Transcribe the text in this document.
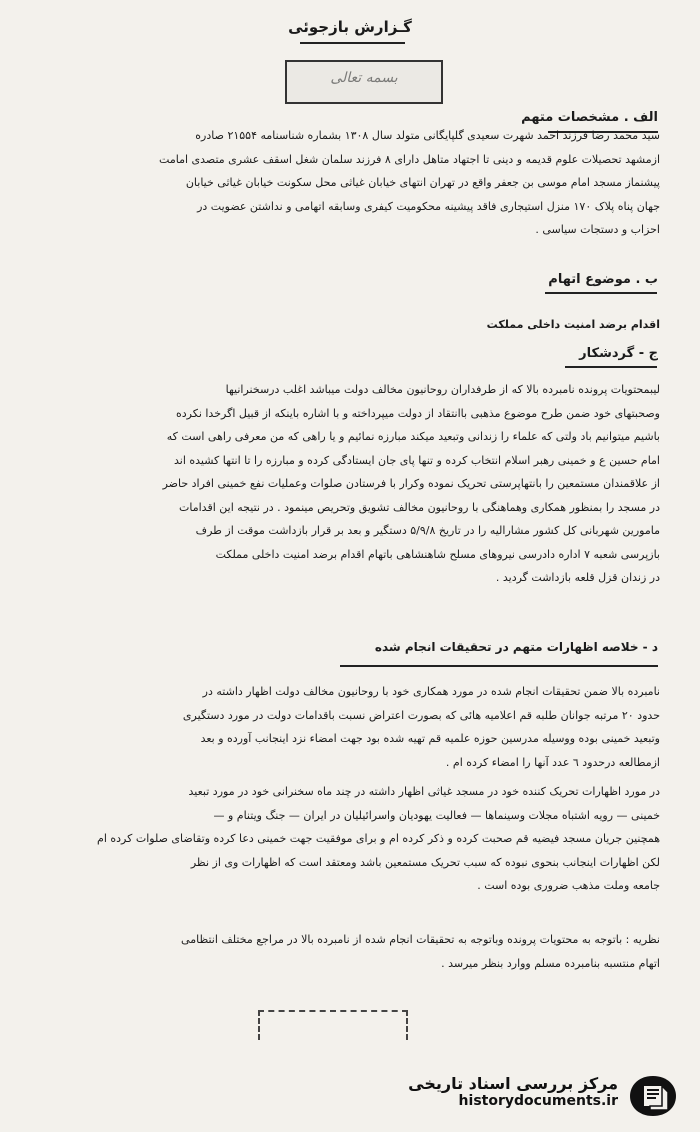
گـزارش بازجوئی
بسمه تعالی
الف . مشخصات متهم
سید محمد رضا فرزند احمد شهرت سعیدی گلپایگانی متولد سال ۱۳۰۸ بشماره شناسنامه ۲۱۵۵۴ صادره
ازمشهد تحصیلات علوم قدیمه و دینی تا اجتهاد متاهل دارای ۸ فرزند سلمان شغل اسقف عشری متصدی امامت
پیشنماز مسجد امام موسی بن جعفر واقع در تهران انتهای خیابان غیاثی محل سکونت خیابان غیاثی خیابان
جهان پناه پلاک ۱۷۰ منزل استیجاری فاقد پیشینه محکومیت کیفری وسابقه اتهامی و نداشتن عضویت در
احزاب و دستجات سیاسی .
ب . موضوع اتهام
اقدام برضد امنیت داخلی مملکت
ج - گردشکار
لیبمحتویات پرونده نامبرده بالا که از طرفداران روحانیون مخالف دولت میباشد اغلب درسخنرانیها
وصحبتهای خود ضمن طرح موضوع مذهبی باانتقاد از دولت میپرداخته و با اشاره باینکه از قبیل اگرخدا نکرده
باشیم میتوانیم باد ولتی که علماء را زندانی وتبعید میکند مبارزه نمائیم و یا راهی که من معرفی راهی است که
امام حسین ع و خمینی رهبر اسلام انتخاب کرده و تنها پای جان ایستادگی کرده و مبارزه را تا انتها کشیده اند
از علاقمندان مستمعین را بانتهاپرستی تحریک نموده وکرار با فرستادن صلوات وعملیات نفع خمینی افراد حاضر
در مسجد را بمنظور همکاری وهماهنگی با روحانیون مخالف تشویق وتحریص مینمود . در نتیجه این اقدامات
مامورین شهربانی کل کشور مشارالیه را در تاریخ ۵/۹/۸ دستگیر و بعد بر قرار بازداشت موقت از طرف
بازپرسی شعبه ۷ اداره دادرسی نیروهای مسلح شاهنشاهی باتهام اقدام برضد امنیت داخلی مملکت
در زندان قزل قلعه بازداشت گردید .
د - خلاصه اظهارات متهم در تحقیقات انجام شده
نامبرده بالا ضمن تحقیقات انجام شده در مورد همکاری خود با روحانیون مخالف دولت اظهار داشته در
حدود ۲۰ مرتبه جوانان طلبه قم اعلامیه هائی که بصورت اعتراض نسبت باقدامات دولت در مورد دستگیری
وتبعید خمینی بوده ووسیله مدرسین حوزه علمیه قم تهیه شده بود جهت امضاء نزد اینجانب آورده و بعد
ازمطالعه درحدود ٦ عدد آنها را امضاء کرده ام .
در مورد اظهارات تحریک کننده خود در مسجد غیاثی اظهار داشته در چند ماه سخنرانی خود در مورد تبعید
خمینی — رویه اشتباه مجلات وسینماها — فعالیت یهودیان واسرائیلیان در ایران — جنگ ویتنام و —
همچنین جریان مسجد فیضیه قم صحبت کرده و ذکر کرده ام و برای موفقیت جهت خمینی دعا کرده وتقاضای صلوات کرده ام
لکن اظهارات اینجانب بنحوی نبوده که سبب تحریک مستمعین باشد ومعتقد است که اظهارات وی از نظر
جامعه وملت مذهب ضروری بوده است .
نظریه : باتوجه به محتویات پرونده وباتوجه به تحقیقات انجام شده از نامبرده بالا در مراجع مختلف انتظامی
اتهام منتسبه بنامبرده مسلم ووارد بنظر میرسد .
مرکز بررسی اسناد تاریخی
historydocuments.ir
